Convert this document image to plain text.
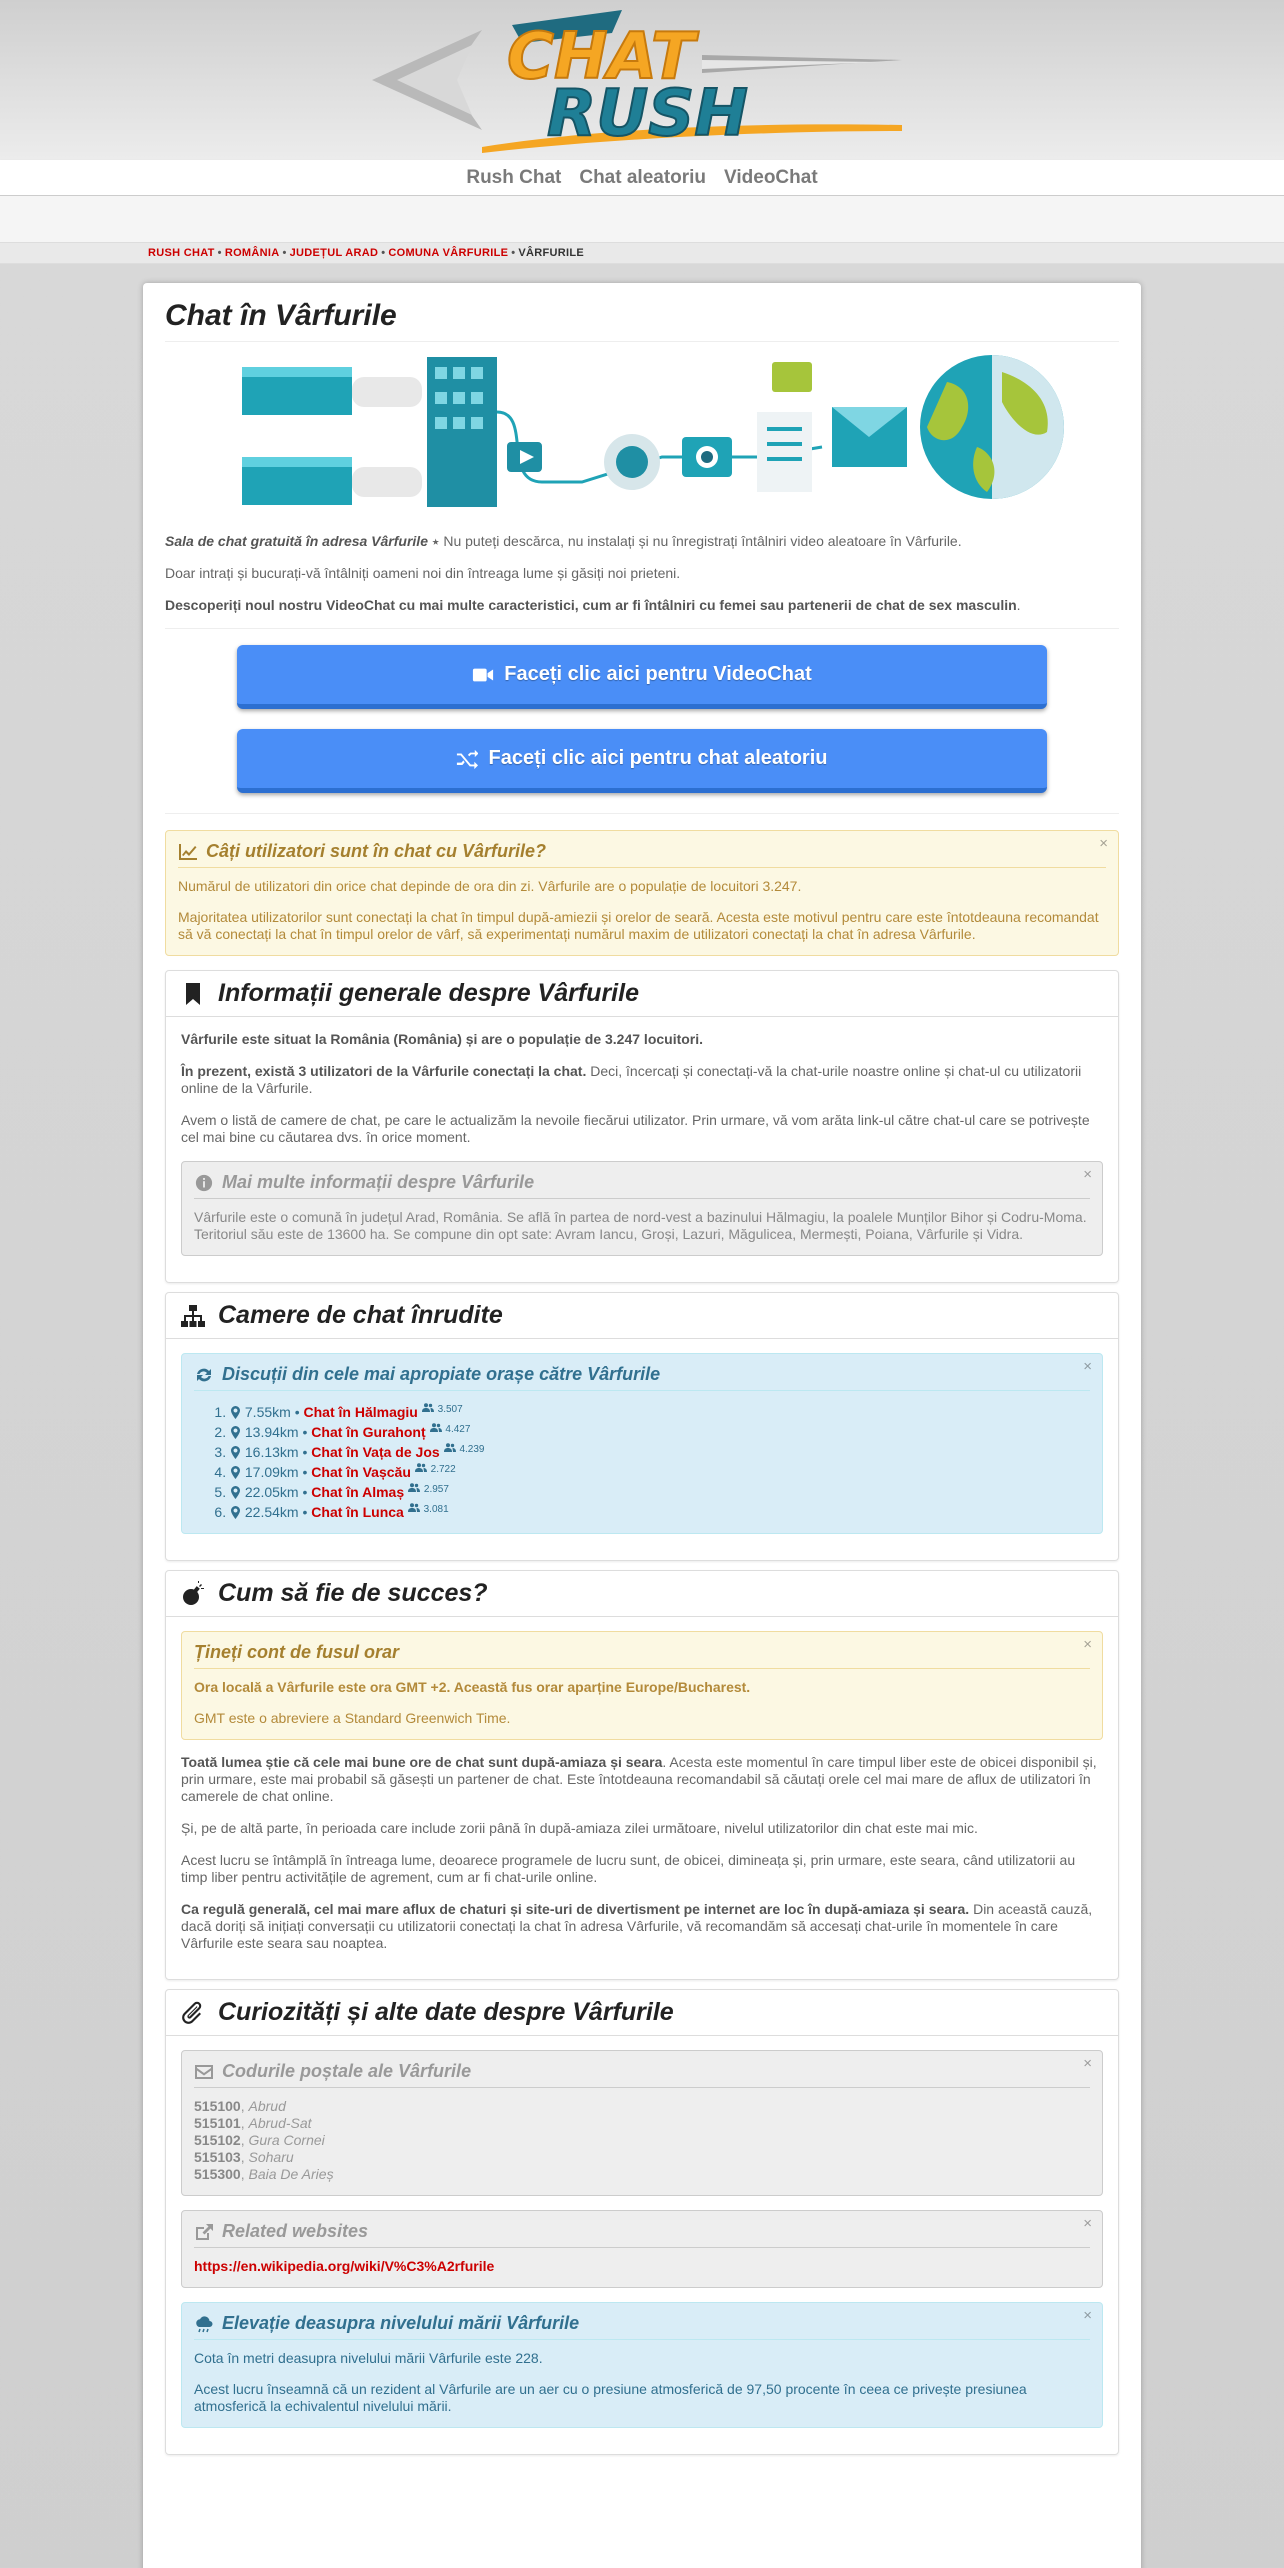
CHAT
RUSH
Rush Chat Chat aleatoriu VideoChat
RUSH CHAT • ROMÂNIA • JUDEȚUL ARAD • COMUNA VÂRFURILE • VÂRFURILE
Chat în Vârfurile

Sala de chat gratuită în adresa Vârfurile ⭑ Nu puteți descărca, nu instalați și nu înregistrați întâlniri video aleatoare în Vârfurile.

Doar intrați și bucurați-vă întâlniți oameni noi din întreaga lume și găsiți noi prieteni.

Descoperiți noul nostru VideoChat cu mai multe caracteristici, cum ar fi întâlniri cu femei sau partenerii de chat de sex masculin.

Faceți clic aici pentru VideoChat
Faceți clic aici pentru chat aleatoriu
×
Câți utilizatori sunt în chat cu Vârfurile?

Numărul de utilizatori din orice chat depinde de ora din zi. Vârfurile are o populație de locuitori 3.247.

Majoritatea utilizatorilor sunt conectați la chat în timpul după-amiezii și orelor de seară. Acesta este motivul pentru care este întotdeauna recomandat să vă conectați la chat în timpul orelor de vârf, să experimentați numărul maxim de utilizatori conectați la chat în adresa Vârfurile.

Informații generale despre Vârfurile

Vârfurile este situat la România (România) și are o populație de 3.247 locuitori.

În prezent, există 3 utilizatori de la Vârfurile conectați la chat. Deci, încercați și conectați-vă la chat-urile noastre online și chat-ul cu utilizatorii online de la Vârfurile.

Avem o listă de camere de chat, pe care le actualizăm la nevoile fiecărui utilizator. Prin urmare, vă vom arăta link-ul către chat-ul care se potrivește cel mai bine cu căutarea dvs. în orice moment.

×
Mai multe informații despre Vârfurile

Vârfurile este o comună în județul Arad, România. Se află în partea de nord-vest a bazinului Hălmagiu, la poalele Munților Bihor și Codru-Moma. Teritoriul său este de 13600 ha. Se compune din opt sate: Avram Iancu, Groși, Lazuri, Măgulicea, Mermești, Poiana, Vârfurile și Vidra.

Camere de chat înrudite
×
Discuții din cele mai apropiate orașe către Vârfurile
1. 7.55km • Chat în Hălmagiu $^{3.507}$
2. 13.94km • Chat în Gurahonț $^{4.427}$
3. 16.13km • Chat în Vața de Jos $^{4.239}$
4. 17.09km • Chat în Vașcău $^{2.722}$
5. 22.05km • Chat în Almaș $^{2.957}$
6. 22.54km • Chat în Lunca $^{3.081}$
Cum să fie de succes?
×
Țineți cont de fusul orar

Ora locală a Vârfurile este ora GMT +2. Această fus orar aparține Europe/Bucharest.

GMT este o abreviere a Standard Greenwich Time.

Toată lumea știe că cele mai bune ore de chat sunt după-amiaza și seara. Acesta este momentul în care timpul liber este de obicei disponibil și, prin urmare, este mai probabil să găsești un partener de chat. Este întotdeauna recomandabil să căutați orele cel mai mare de aflux de utilizatori în camerele de chat online.

Și, pe de altă parte, în perioada care include zorii până în după-amiaza zilei următoare, nivelul utilizatorilor din chat este mai mic.

Acest lucru se întâmplă în întreaga lume, deoarece programele de lucru sunt, de obicei, dimineața și, prin urmare, este seara, când utilizatorii au timp liber pentru activitățile de agrement, cum ar fi chat-urile online.

Ca regulă generală, cel mai mare aflux de chaturi și site-uri de divertisment pe internet are loc în după-amiaza și seara. Din această cauză, dacă doriți să inițiați conversații cu utilizatorii conectați la chat în adresa Vârfurile, vă recomandăm să accesați chat-urile în momentele în care Vârfurile este seara sau noaptea.

Curiozități și alte date despre Vârfurile
×
Codurile poștale ale Vârfurile

515100, Abrud

515101, Abrud-Sat

515102, Gura Cornei

515103, Soharu

515300, Baia De Arieș

×
Related websites

https://en.wikipedia.org/wiki/V%C3%A2rfurile

×
Elevație deasupra nivelului mării Vârfurile

Cota în metri deasupra nivelului mării Vârfurile este 228.

Acest lucru înseamnă că un rezident al Vârfurile are un aer cu o presiune atmosferică de 97,50 procente în ceea ce privește presiunea atmosferică la echivalentul nivelului mării.
